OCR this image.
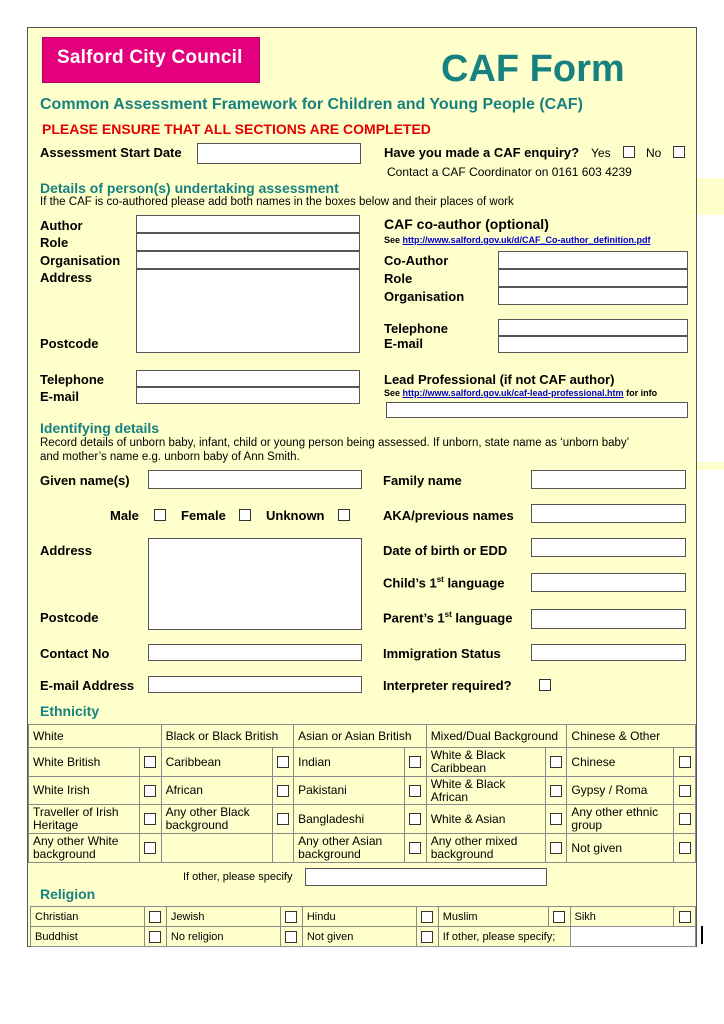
Salford City Council	CAF Form
Common Assessment Framework for Children and Young People (CAF)
PLEASE ENSURE THAT ALL SECTIONS ARE COMPLETED
Assessment Start Date	Have you made a CAF enquiry? Yes	No
Contact a CAF Coordinator on 0161 603 4239
Details of person(s) undertaking assessment
If the CAF is co-authored please add both names in the boxes below and their places of work
Author
Role
Organisation
Address
Postcode
Telephone
E-mail
CAF co-author (optional)
See http://www.salford.gov.uk/d/CAF_Co-author_definition.pdf
Co-Author
Role
Organisation
Telephone
E-mail
Lead Professional (if not CAF author)
See http://www.salford.gov.uk/caf-lead-professional.htm for info
Identifying details
Record details of unborn baby, infant, child or young person being assessed. If unborn, state name as ‘unborn baby’
and mother’s name e.g. unborn baby of Ann Smith.
Given name(s)
Male	Female	Unknown
Address
Postcode
Contact No
E-mail Address
Family name
AKA/previous names
Date of birth or EDD
Child’s 1st language
Parent’s 1st language
Immigration Status
Interpreter required?
Ethnicity
White		Black or Black British		Asian or Asian British		Mixed/Dual Background		Chinese & Other	
White British		Caribbean		Indian		White & Black Caribbean		Chinese	
White Irish		African		Pakistani		White & Black African		Gypsy / Roma	
Traveller of Irish Heritage		Any other Black background		Bangladeshi		White & Asian		Any other ethnic group	
Any other White background				Any other Asian background		Any other mixed background		Not given	
If other, please specify
Religion
Christian		Jewish		Hindu		Muslim		Sikh	
Buddhist		No religion		Not given		If other, please specify;			
